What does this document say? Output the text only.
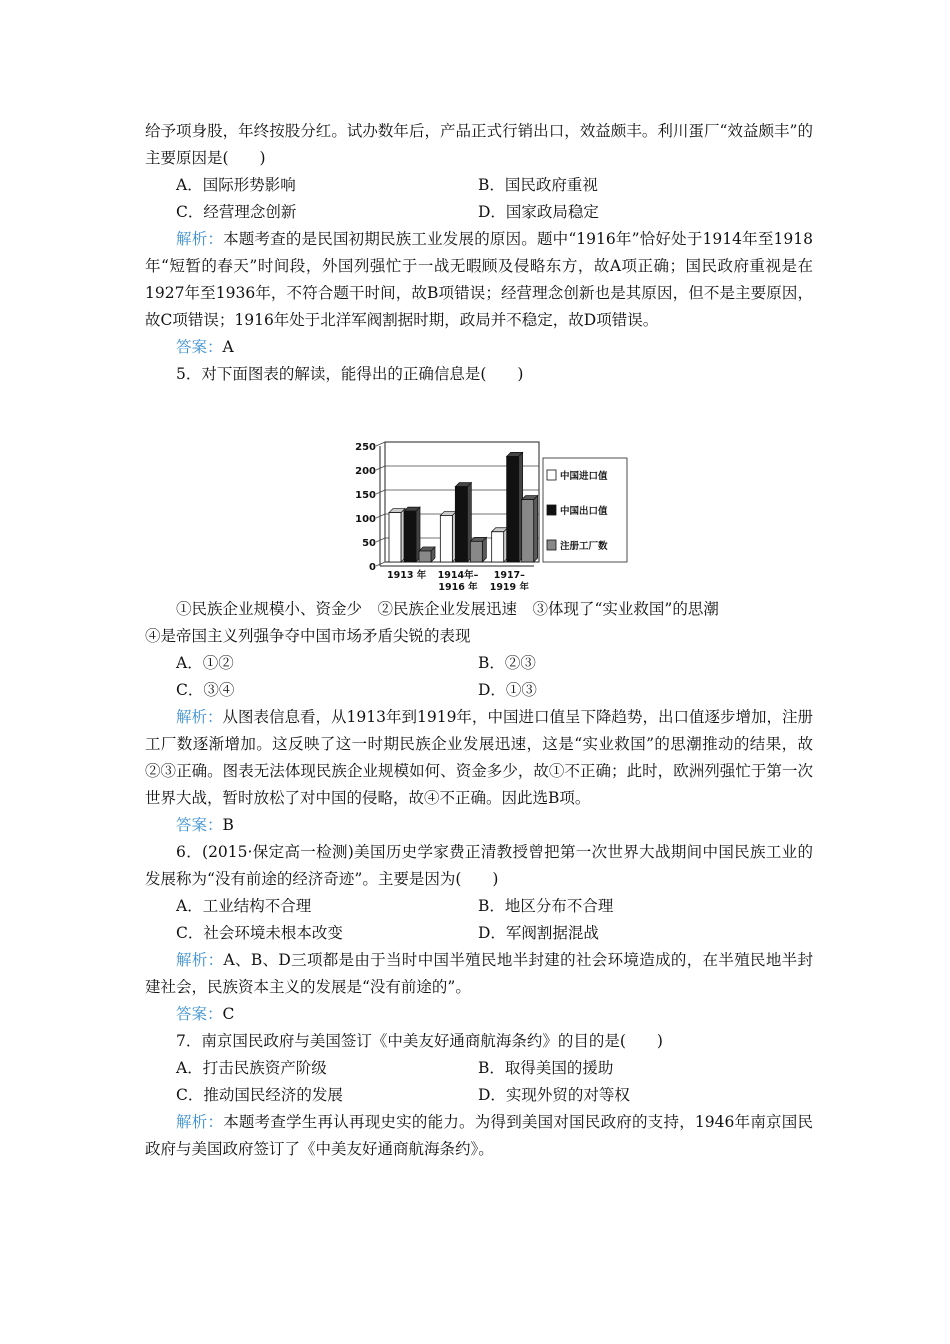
给予项身股，年终按股分红。试办数年后，产品正式行销出口，效益颇丰。利川蛋厂“效益颇丰”的主要原因是(　　)

A．国际形势影响	B．国民政府重视
C．经营理念创新	D．国家政局稳定

解析：本题考查的是民国初期民族工业发展的原因。题中“1916年”恰好处于1914年至1918年“短暂的春天”时间段，外国列强忙于一战无暇顾及侵略东方，故A项正确；国民政府重视是在1927年至1936年，不符合题干时间，故B项错误；经营理念创新也是其原因，但不是主要原因，故C项错误；1916年处于北洋军阀割据时期，政局并不稳定，故D项错误。

答案：A

5．对下面图表的解读，能得出的正确信息是(　　)

0
50
100
150
200
250
1913 年 1914年–
1916 年
1917–
1919 年
中国进口值
中国出口值
注册工厂数

①民族企业规模小、资金少　②民族企业发展迅速　③体现了“实业救国”的思潮

④是帝国主义列强争夺中国市场矛盾尖锐的表现

A．①②	B．②③
C．③④	D．①③

解析：从图表信息看，从1913年到1919年，中国进口值呈下降趋势，出口值逐步增加，注册工厂数逐渐增加。这反映了这一时期民族企业发展迅速，这是“实业救国”的思潮推动的结果，故②③正确。图表无法体现民族企业规模如何、资金多少，故①不正确；此时，欧洲列强忙于第一次世界大战，暂时放松了对中国的侵略，故④不正确。因此选B项。

答案：B

6．(2015·保定高一检测)美国历史学家费正清教授曾把第一次世界大战期间中国民族工业的发展称为“没有前途的经济奇迹”。主要是因为(　　)

A．工业结构不合理	B．地区分布不合理
C．社会环境未根本改变	D．军阀割据混战

解析：A、B、D三项都是由于当时中国半殖民地半封建的社会环境造成的，在半殖民地半封建社会，民族资本主义的发展是“没有前途的”。

答案：C

7．南京国民政府与美国签订《中美友好通商航海条约》的目的是(　　)

A．打击民族资产阶级	B．取得美国的援助
C．推动国民经济的发展	D．实现外贸的对等权

解析：本题考查学生再认再现史实的能力。为得到美国对国民政府的支持，1946年南京国民政府与美国政府签订了《中美友好通商航海条约》。
